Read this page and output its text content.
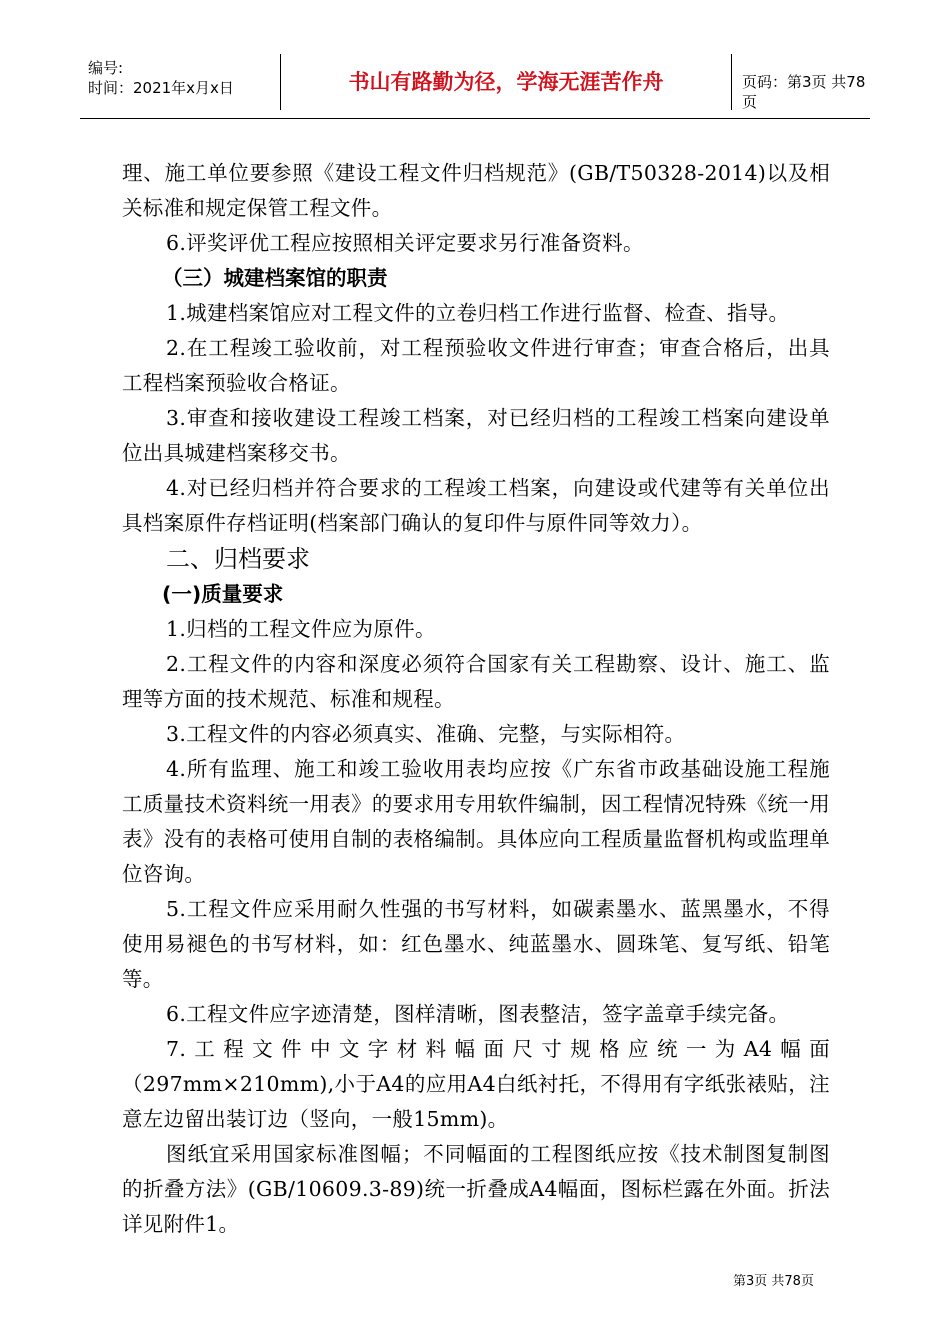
编号:
时间：2021年x月x日	书山有路勤为径，学海无涯苦作舟	页码：第3页 共78页

理、施工单位要参照《建设工程文件归档规范》(GB/T50328-2014)以及相关标准和规定保管工程文件。

6.评奖评优工程应按照相关评定要求另行准备资料。

（三）城建档案馆的职责

1.城建档案馆应对工程文件的立卷归档工作进行监督、检查、指导。

2.在工程竣工验收前，对工程预验收文件进行审查；审查合格后，出具工程档案预验收合格证。

3.审查和接收建设工程竣工档案，对已经归档的工程竣工档案向建设单位出具城建档案移交书。

4.对已经归档并符合要求的工程竣工档案，向建设或代建等有关单位出具档案原件存档证明(档案部门确认的复印件与原件同等效力）。

二、归档要求

(一)质量要求

1.归档的工程文件应为原件。

2.工程文件的内容和深度必须符合国家有关工程勘察、设计、施工、监理等方面的技术规范、标准和规程。

3.工程文件的内容必须真实、准确、完整，与实际相符。

4.所有监理、施工和竣工验收用表均应按《广东省市政基础设施工程施工质量技术资料统一用表》的要求用专用软件编制，因工程情况特殊《统一用表》没有的表格可使用自制的表格编制。具体应向工程质量监督机构或监理单位咨询。

5.工程文件应采用耐久性强的书写材料，如碳素墨水、蓝黑墨水，不得使用易褪色的书写材料，如：红色墨水、纯蓝墨水、圆珠笔、复写纸、铅笔等。

6.工程文件应字迹清楚，图样清晰，图表整洁，签字盖章手续完备。

7.工程文件中文字材料幅面尺寸规格应统一为A4幅面（297mm×210mm),小于A4的应用A4白纸衬托，不得用有字纸张裱贴，注意左边留出装订边（竖向，一般15mm)。

图纸宜采用国家标准图幅；不同幅面的工程图纸应按《技术制图复制图的折叠方法》(GB/10609.3-89)统一折叠成A4幅面，图标栏露在外面。折法详见附件1。

第3页 共78页
